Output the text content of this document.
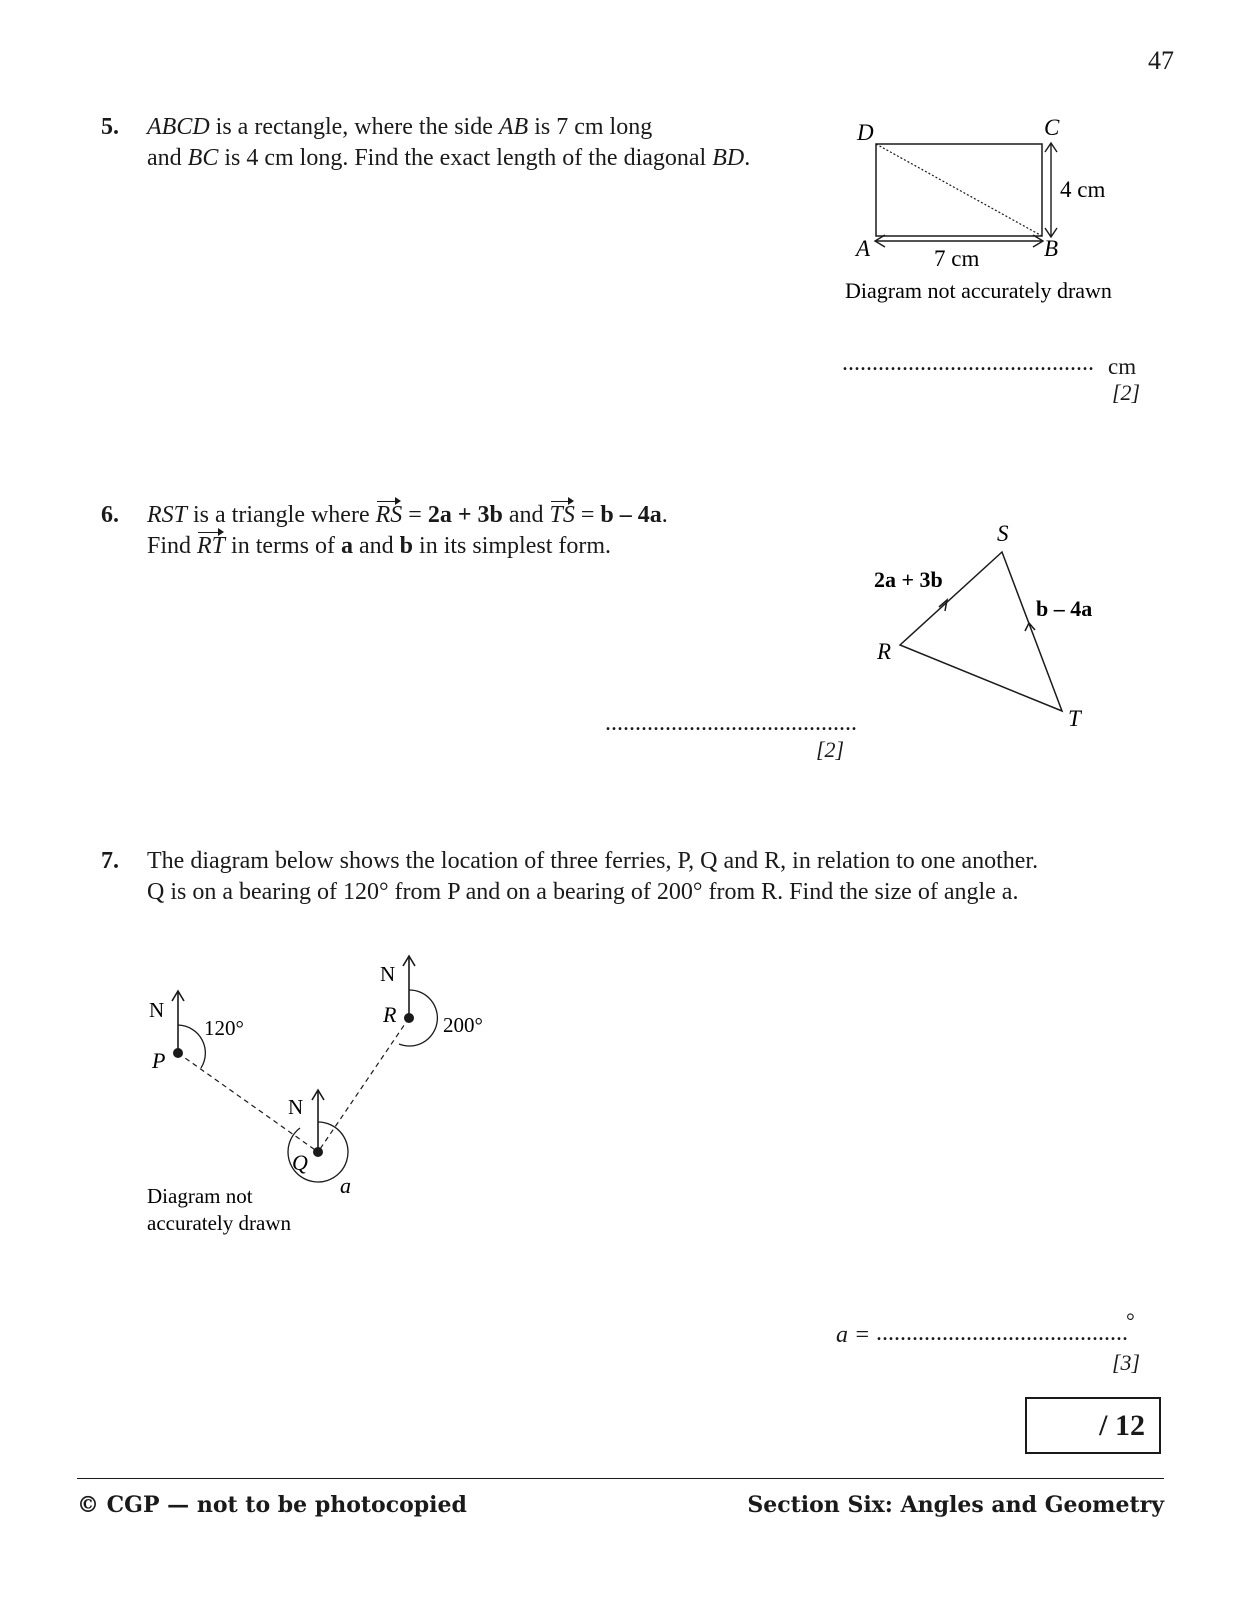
47
5. ABCD is a rectangle, where the side AB is 7 cm long
and BC is 4 cm long. Find the exact length of the diagonal BD.
D	C
A	B
4 cm
7 cm
Diagram not accurately drawn
.......................................... cm
[2]
6. RST is a triangle where RS = 2a + 3b and TS = b – 4a.
Find RT in terms of a and b in its simplest form.	S
R
T
2a + 3b
b – 4a
..........................................
[2]
7. The diagram below shows the location of three ferries, P, Q and R, in relation to one another.
Q is on a bearing of 120° from P and on a bearing of 200° from R. Find the size of angle a.
N
N
N
P
Q
R
120°	200°
a
Diagram not
accurately drawn
°
a = ..........................................
[3]
/ 12
© CGP — not to be photocopied	Section Six: Angles and Geometry
